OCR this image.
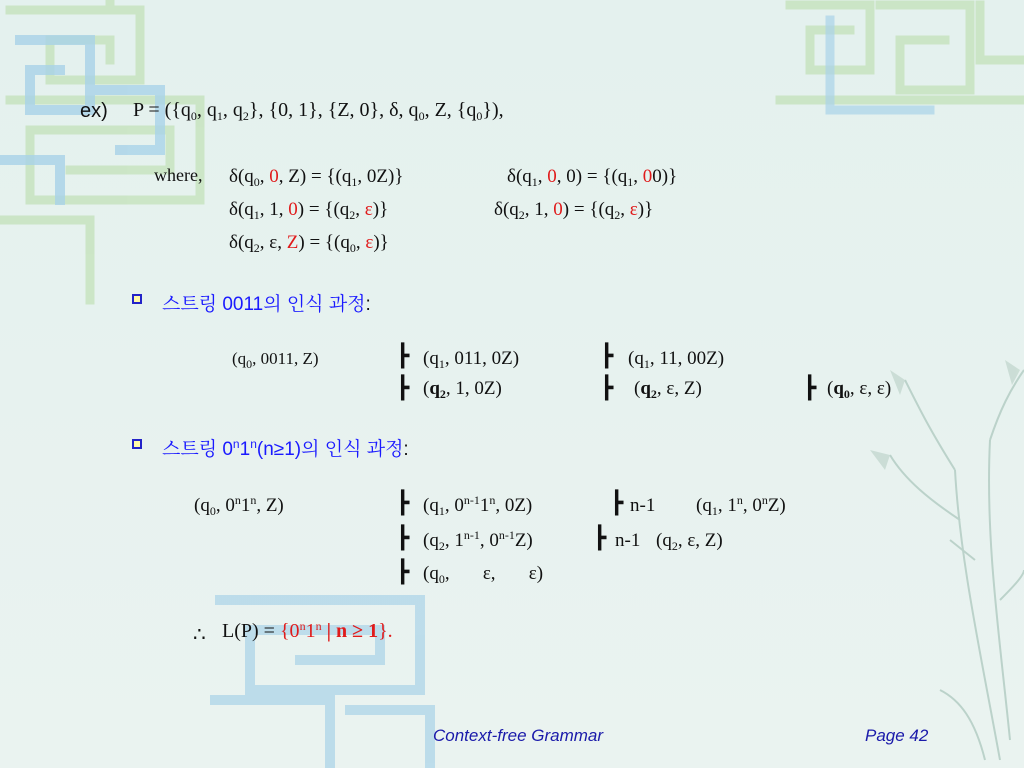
ex) $P = (\{q_0$, $q_1$, $q_2$}, {0, 1}, {Z, 0}, δ, $q_0$, Z, $\{q_0\}$),
where, $\delta(q_0$, 0, $Z) = \{(q_1$, 0Z)}	$\delta(q_1$, 0, $0) = \{(q_1$, 00)}
$\delta(q_1$, 1, $0) = \{(q_2$, ε)}	$\delta(q_2$, 1, $0) = \{(q_2$, ε)}
$\delta(q_2$, ε, $Z) = \{(q_0$, ε)}
스트링 0011의 인식 과정:
($q_0$, 0011, Z)	┣ ($q_1$, 011, 0Z)	┣ ($q_1$, 11, 00Z)
┣ ($q_2$, 1, 0Z)	┣ ($q_2$, ε, Z)	┣ ($q_0$, ε, ε)
스트링 $0^n1^n(n\ge 1)$의 인식 과정:
($q_0$, 0$^n$1$^n$, Z)	┣ ($q_1$, 0$^{n-1}$1$^n$, 0Z)	┣ n-1 ($q_1$, 1$^n$, 0$^n$Z)
┣ ($q_2$, 1$^{n-1}$, 0$^{n-1}$Z)	┣ n-1 ($q_2$, ε, Z)
┣ ($q_0$,       ε,       ε)
∴ $L(P) = \{0^n1^n$ | n ≥ 1}.
Context-free Grammar	Page 42
